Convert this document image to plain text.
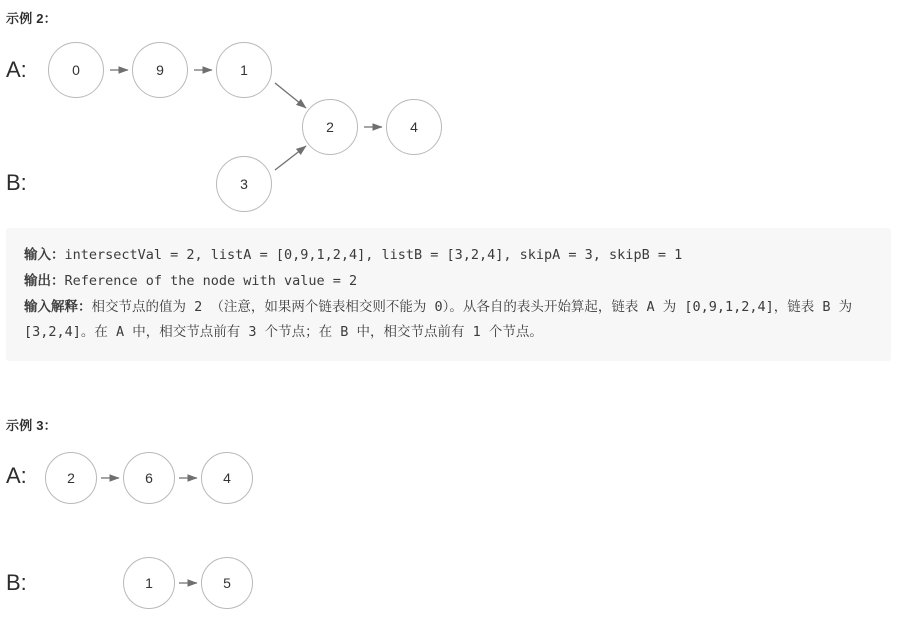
示例 2：
A:
B:
0	9	1
2	4
3
输入：intersectVal = 2, listA = [0,9,1,2,4], listB = [3,2,4], skipA = 3, skipB = 1
输出：Reference of the node with value = 2
输入解释：相交节点的值为 2 （注意，如果两个链表相交则不能为 0）。从各自的表头开始算起，链表 A 为 [0,9,1,2,4]，链表 B 为 [3,2,4]。在 A 中，相交节点前有 3 个节点；在 B 中，相交节点前有 1 个节点。
示例 3：
A:
B:
2	6	4
1	5
